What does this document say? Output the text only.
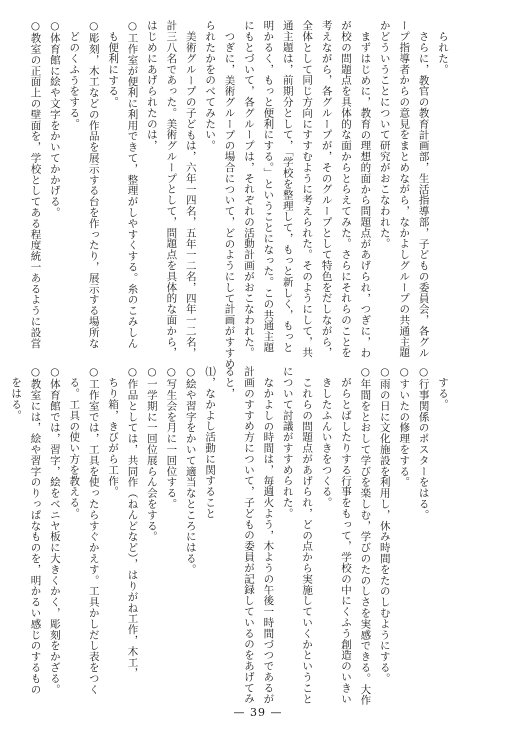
られた。
さらに，教官の教育計画部，生活指導部，子どもの委員会，各グル
ープ指導者からの意見をまとめながら，なかよしグループの共通主題
かどういうことについて研究がおこなわれた。
まずはじめに，教育の理想的面から問題点があげられ，つぎに，わ
が校の問題点を具体的な面からとらえてみた。さらにそれらのことを
考えながら，各グループが，そのグループとして特色をだしながら，
全体として同じ方向にすすむように考えられた。そのようにして，共
通主題は，前期分として，「学校を整理して，もっと新しく，もっと
明かるく，もっと便利にする。」ということになった。この共通主題
にもとづいて，各グループは，それぞれの活動計画がおこなわれた。
つぎに，美術グループの場合について，どのようにして計画がすすめ
られたかをのべてみたい。
美術グループの子どもは，六年一四名，五年一二名，四年一二名，
計三八名であった。美術グループとして，問題点を具体的な面から，
はじめにあげられたのは，
○工作室が便利に利用できて，整理がしやすくする。糸のこみしん
も便利にする。
○彫刻，木工などの作品を展示する台を作ったり，展示する場所な
どのくふうをする。
○体育館に絵や文字をかいてかかげる。
○教室の正面上の壁面を，学校としてある程度統一あるように設営
する。
○行事関係のポスターをはる。
○すいたの修理をする。
○雨の日に文化施設を利用し，休み時間をたのしむようにする。
○年間をとおして学びを楽しむ，学びのたのしさを実感できる。大作
がらとばしたりする行事をもって，学校の中にくふう創造のいきい
きしたふんいきをつくる。
これらの問題点があげられ，どの点から実施していくかということ
について討議がすすめられた。
なかよしの時間は，毎週火よう，木ようの午後一時間づつであるが
計画のすすめ方について，子どもの委員が記録しているのをあげてみ
ると，
⑴，なかよし活動に関すること
○絵や習字をかいて適当なところにはる。
○写生会を月に一回位する。
○一学期に一回位展らん会をする。
○作品としては，共同作（ねんどなど），はりがね工作，木工，
ちり箱，きびがら工作。
○工作室では，工具を使ったらすぐかえす。工具かしだし表をつく
る。工具の使い方を教える。
○体育館では，習字，絵をベニヤ板に大きくかく，彫刻をかざる。
○教室には，絵や習字のりっぱなものを，明かるい感じのするもの
をはる。
— 39 —
